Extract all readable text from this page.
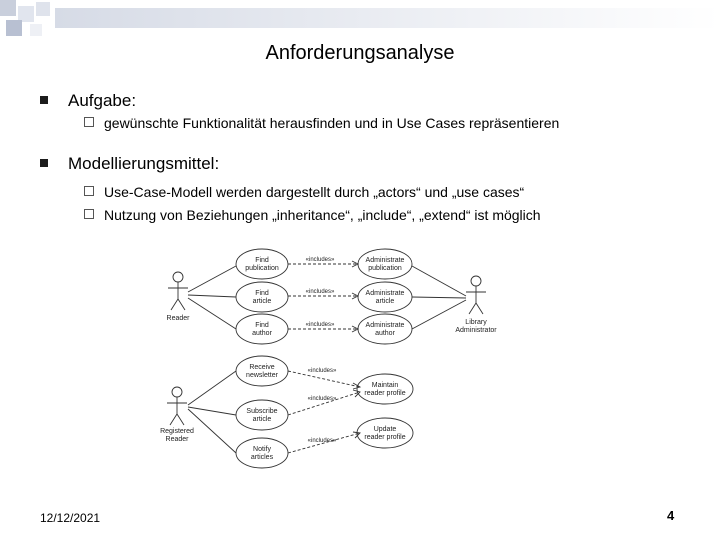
Anforderungsanalyse
Aufgabe:
gewünschte Funktionalität herausfinden und in Use Cases repräsentieren
Modellierungsmittel:
Use-Case-Modell werden dargestellt durch „actors“ und „use cases“
Nutzung von Beziehungen „inheritance“, „include“, „extend“ ist möglich
Reader
Library
Administrator
Registered
Reader
Find
publication
Find
article
Find
author
Administrate
publication
Administrate
article
Administrate
author
Receive
newsletter
Subscribe
article
Notify
articles
Maintain
reader profile
Update
reader profile
«includes»
«includes»
«includes»
«includes»
«includes»
«includes»
12/12/2021	4
